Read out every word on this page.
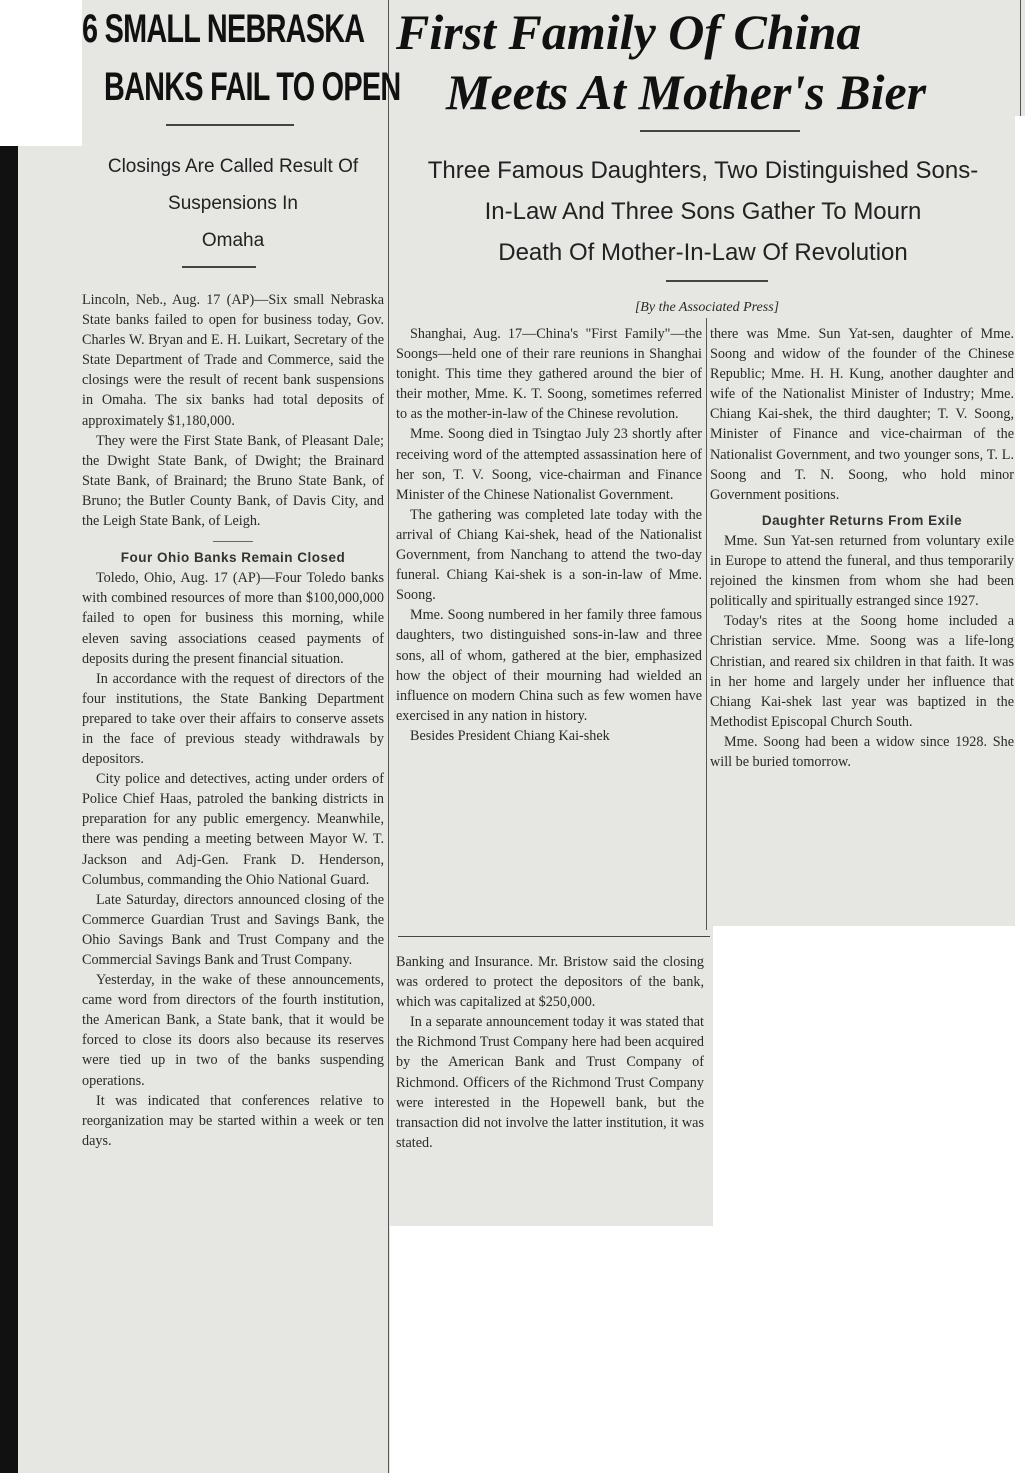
6 SMALL NEBRASKA
BANKS FAIL TO OPEN
Closings Are Called Result Of
Suspensions In
Omaha

Lincoln, Neb., Aug. 17 (AP)—Six small Nebraska State banks failed to open for business today, Gov. Charles W. Bryan and E. H. Luikart, Secretary of the State Department of Trade and Commerce, said the closings were the result of recent bank suspensions in Omaha. The six banks had total deposits of approximately $1,180,000.

They were the First State Bank, of Pleasant Dale; the Dwight State Bank, of Dwight; the Brainard State Bank, of Brainard; the Bruno State Bank, of Bruno; the Butler County Bank, of Davis City, and the Leigh State Bank, of Leigh.

Four Ohio Banks Remain Closed

Toledo, Ohio, Aug. 17 (AP)—Four Toledo banks with combined resources of more than $100,000,000 failed to open for business this morning, while eleven saving associations ceased payments of deposits during the present financial situation.

In accordance with the request of directors of the four institutions, the State Banking Department prepared to take over their affairs to conserve assets in the face of previous steady withdrawals by depositors.

City police and detectives, acting under orders of Police Chief Haas, patroled the banking districts in preparation for any public emergency. Meanwhile, there was pending a meeting between Mayor W. T. Jackson and Adj-Gen. Frank D. Henderson, Columbus, commanding the Ohio National Guard.

Late Saturday, directors announced closing of the Commerce Guardian Trust and Savings Bank, the Ohio Savings Bank and Trust Company and the Commercial Savings Bank and Trust Company.

Yesterday, in the wake of these announcements, came word from directors of the fourth institution, the American Bank, a State bank, that it would be forced to close its doors also because its reserves were tied up in two of the banks suspending operations.

It was indicated that conferences relative to reorganization may be started within a week or ten days.

First Family Of China
Meets At Mother's Bier
Three Famous Daughters, Two Distinguished Sons-
In-Law And Three Sons Gather To Mourn
Death Of Mother-In-Law Of Revolution
[By the Associated Press]

Shanghai, Aug. 17—China's "First Family"—the Soongs—held one of their rare reunions in Shanghai tonight. This time they gathered around the bier of their mother, Mme. K. T. Soong, sometimes referred to as the mother-in-law of the Chinese revolution.

Mme. Soong died in Tsingtao July 23 shortly after receiving word of the attempted assassination here of her son, T. V. Soong, vice-chairman and Finance Minister of the Chinese Nationalist Government.

The gathering was completed late today with the arrival of Chiang Kai-shek, head of the Nationalist Government, from Nanchang to attend the two-day funeral. Chiang Kai-shek is a son-in-law of Mme. Soong.

Mme. Soong numbered in her family three famous daughters, two distinguished sons-in-law and three sons, all of whom, gathered at the bier, emphasized how the object of their mourning had wielded an influence on modern China such as few women have exercised in any nation in history.

Besides President Chiang Kai-shek

there was Mme. Sun Yat-sen, daughter of Mme. Soong and widow of the founder of the Chinese Republic; Mme. H. H. Kung, another daughter and wife of the Nationalist Minister of Industry; Mme. Chiang Kai-shek, the third daughter; T. V. Soong, Minister of Finance and vice-chairman of the Nationalist Government, and two younger sons, T. L. Soong and T. N. Soong, who hold minor Government positions.

Daughter Returns From Exile

Mme. Sun Yat-sen returned from voluntary exile in Europe to attend the funeral, and thus temporarily rejoined the kinsmen from whom she had been politically and spiritually estranged since 1927.

Today's rites at the Soong home included a Christian service. Mme. Soong was a life-long Christian, and reared six children in that faith. It was in her home and largely under her influence that Chiang Kai-shek last year was baptized in the Methodist Episcopal Church South.

Mme. Soong had been a widow since 1928. She will be buried tomorrow.

Banking and Insurance. Mr. Bristow said the closing was ordered to protect the depositors of the bank, which was capitalized at $250,000.

In a separate announcement today it was stated that the Richmond Trust Company here had been acquired by the American Bank and Trust Company of Richmond. Officers of the Richmond Trust Company were interested in the Hopewell bank, but the transaction did not involve the latter institution, it was stated.
